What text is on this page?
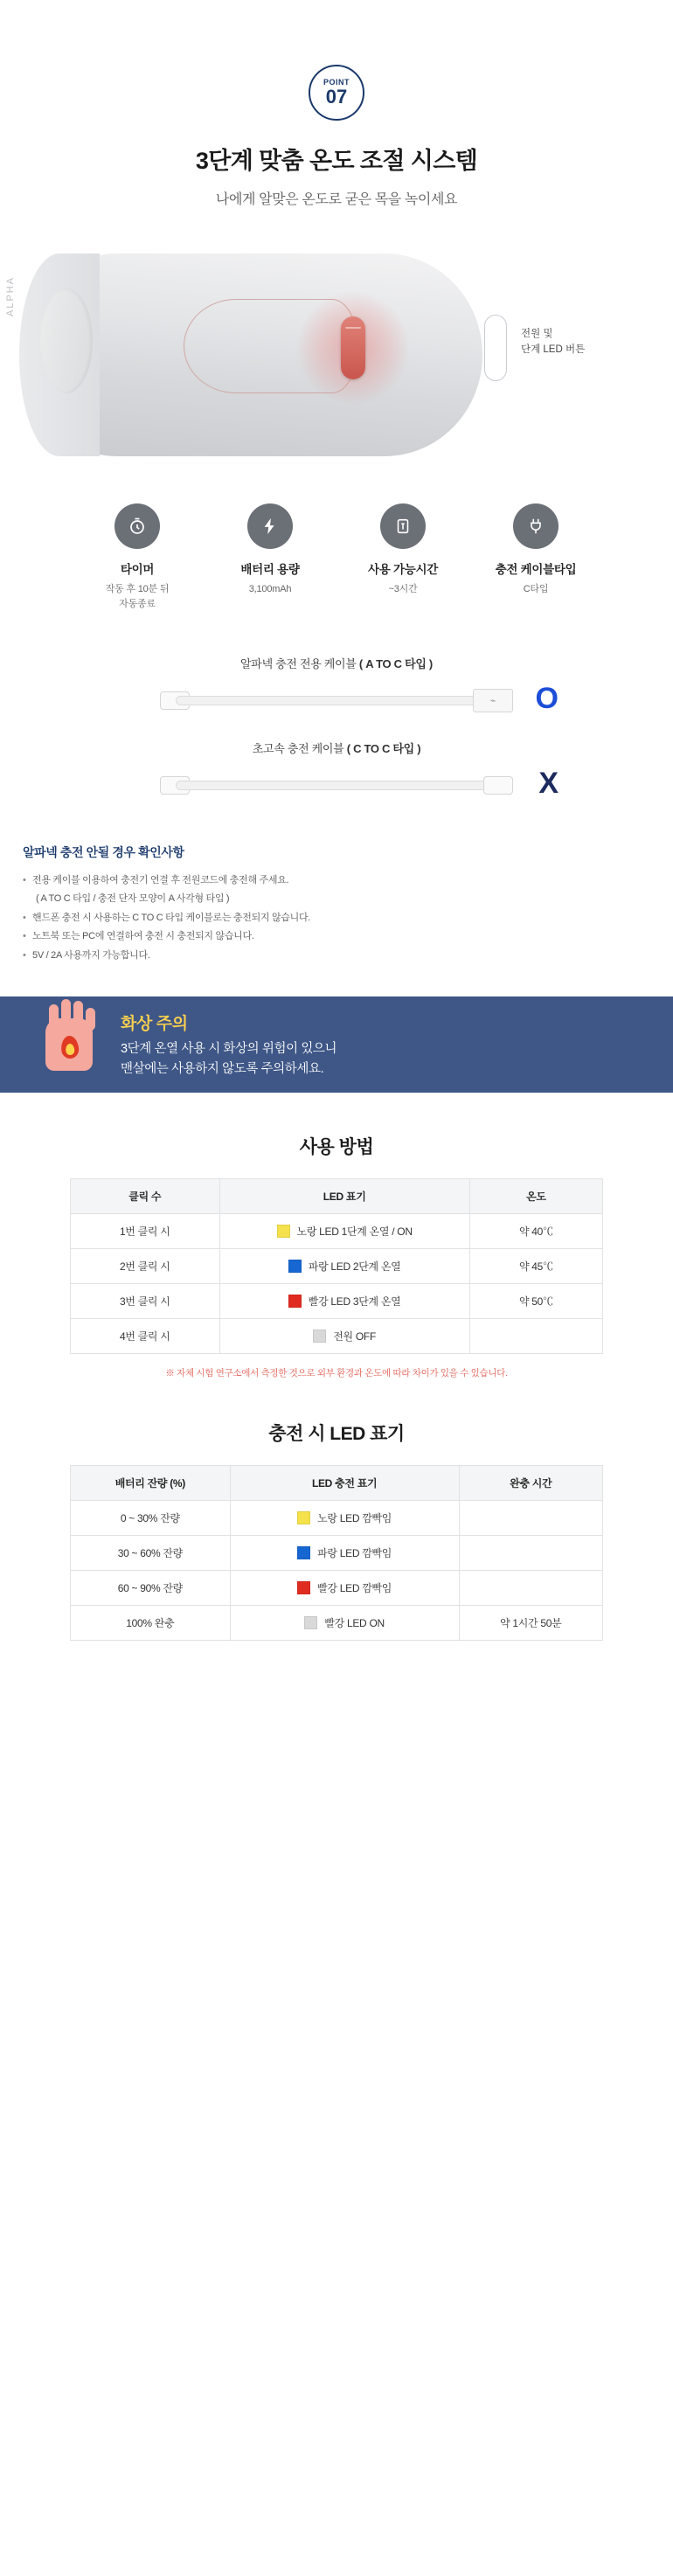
POINT
07
3단계 맞춤 온도 조절 시스템

나에게 알맞은 온도로 굳은 목을 녹이세요

ALPHA
전원 및
단계 LED 버튼
타이머
작동 후 10분 뒤
자동종료
배터리 용량
3,100mAh
사용 가능시간
~3시간
충전 케이블타입
C타입
알파넥 충전 전용 케이블 ( A TO C 타입 )
⌁	O
초고속 충전 케이블 ( C TO C 타입 )
X
알파넥 충전 안될 경우 확인사항
• 전용 케이블 이용하여 충전기 연결 후 전원코드에 충전해 주세요.
( A TO C 타입 / 충전 단자 모양이 A 사각형 타입 )
• 핸드폰 충전 시 사용하는 C TO C 타입 케이블로는 충전되지 않습니다.
• 노트북 또는 PC에 연결하여 충전 시 충전되지 않습니다.
• 5V / 2A 사용까지 가능합니다.
화상 주의
3단계 온열 사용 시 화상의 위험이 있으니
맨살에는 사용하지 않도록 주의하세요.
사용 방법
클릭 수	LED 표기	온도
1번 클릭 시	노랑 LED 1단계 온열 / ON	약 40℃
2번 클릭 시	파랑 LED 2단계 온열	약 45℃
3번 클릭 시	빨강 LED 3단계 온열	약 50℃
4번 클릭 시	전원 OFF	
※ 자체 시험 연구소에서 측정한 것으로 외부 환경과 온도에 따라 차이가 있을 수 있습니다.
충전 시 LED 표기
배터리 잔량 (%)	LED 충전 표기	완충 시간
0 ~ 30% 잔량	노랑 LED 깜빡임	
30 ~ 60% 잔량	파랑 LED 깜빡임	
60 ~ 90% 잔량	빨강 LED 깜빡임	
100% 완충	빨강 LED ON	약 1시간 50분
